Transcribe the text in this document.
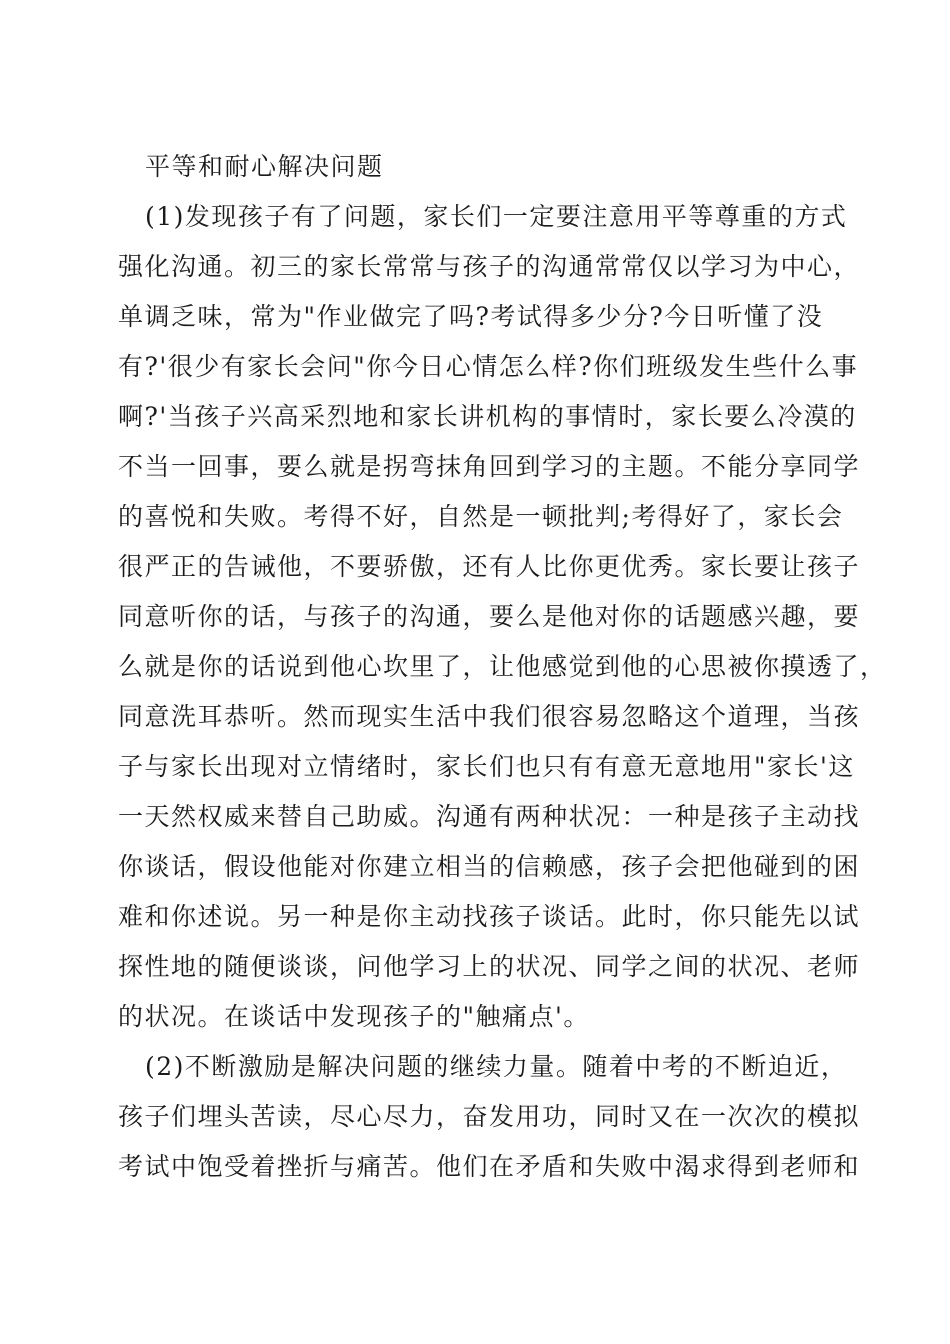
平等和耐心解决问题
(1)发现孩子有了问题，家长们一定要注意用平等尊重的方式
强化沟通。初三的家长常常与孩子的沟通常常仅以学习为中心，
单调乏味，常为"作业做完了吗?考试得多少分?今日听懂了没
有?'很少有家长会问"你今日心情怎么样?你们班级发生些什么事
啊?'当孩子兴高采烈地和家长讲机构的事情时，家长要么冷漠的
不当一回事，要么就是拐弯抹角回到学习的主题。不能分享同学
的喜悦和失败。考得不好，自然是一顿批判;考得好了，家长会
很严正的告诫他，不要骄傲，还有人比你更优秀。家长要让孩子
同意听你的话，与孩子的沟通，要么是他对你的话题感兴趣，要
么就是你的话说到他心坎里了，让他感觉到他的心思被你摸透了，
同意洗耳恭听。然而现实生活中我们很容易忽略这个道理，当孩
子与家长出现对立情绪时，家长们也只有有意无意地用"家长'这
一天然权威来替自己助威。沟通有两种状况：一种是孩子主动找
你谈话，假设他能对你建立相当的信赖感，孩子会把他碰到的困
难和你述说。另一种是你主动找孩子谈话。此时，你只能先以试
探性地的随便谈谈，问他学习上的状况、同学之间的状况、老师
的状况。在谈话中发现孩子的"触痛点'。
(2)不断激励是解决问题的继续力量。随着中考的不断迫近，
孩子们埋头苦读，尽心尽力，奋发用功，同时又在一次次的模拟
考试中饱受着挫折与痛苦。他们在矛盾和失败中渴求得到老师和
